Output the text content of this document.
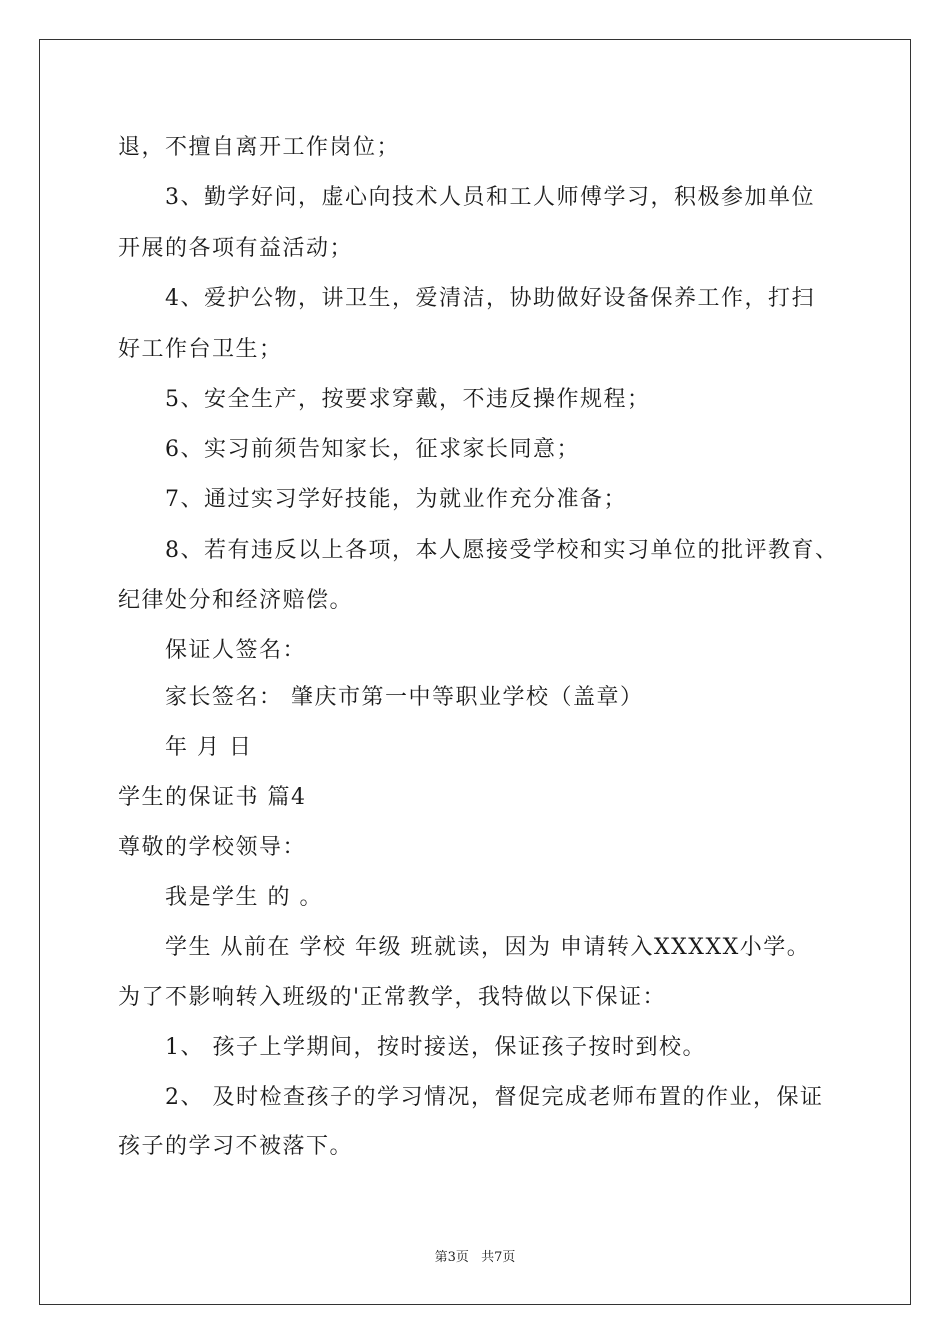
退，不擅自离开工作岗位；
3、勤学好问，虚心向技术人员和工人师傅学习，积极参加单位
开展的各项有益活动；
4、爱护公物，讲卫生，爱清洁，协助做好设备保养工作，打扫
好工作台卫生；
5、安全生产，按要求穿戴，不违反操作规程；
6、实习前须告知家长，征求家长同意；
7、通过实习学好技能，为就业作充分准备；
8、若有违反以上各项，本人愿接受学校和实习单位的批评教育、
纪律处分和经济赔偿。
保证人签名：
家长签名： 肇庆市第一中等职业学校（盖章）
年 月 日
学生的保证书 篇4
尊敬的学校领导：
我是学生 的 。
学生 从前在 学校 年级 班就读，因为 申请转入XXXXX小学。
为了不影响转入班级的'正常教学，我特做以下保证：
1、 孩子上学期间，按时接送，保证孩子按时到校。
2、 及时检查孩子的学习情况，督促完成老师布置的作业，保证
孩子的学习不被落下。
第3页 共7页
